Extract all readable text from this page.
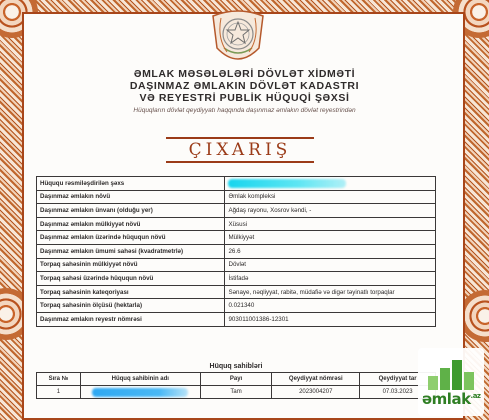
ƏMLAK MƏSƏLƏLƏRİ DÖVLƏT XİDMƏTİ
DAŞINMAZ ƏMLAKIN DÖVLƏT KADASTRI
VƏ REYESTRİ PUBLİK HÜQUQİ ŞƏXSİ
Hüquqların dövlət qeydiyyatı haqqında daşınmaz əmlakın dövlət reyestrindən
ÇIXARIŞ
Hüququ rəsmiləşdirilən şəxs	
Daşınmaz əmlakın növü	Əmlak kompleksi
Daşınmaz əmlakın ünvanı (olduğu yer)	Ağdaş rayonu, Xosrov kəndi, -
Daşınmaz əmlakın mülkiyyət növü	Xüsusi
Daşınmaz əmlakın üzərində hüququn növü	Mülkiyyət
Daşınmaz əmlakın ümumi sahəsi (kvadratmetrlə)	26.6
Torpaq sahəsinin mülkiyyət növü	Dövlət
Torpaq sahəsi üzərində hüququn növü	İstifadə
Torpaq sahəsinin kateqoriyası	Sənaye, nəqliyyat, rabitə, müdafiə və digər təyinatlı torpaqlar
Torpaq sahəsinin ölçüsü (hektarla)	0.021340
Daşınmaz əmlakın reyestr nömrəsi	903011001386-12301
Hüquq sahibləri
Sıra №	Hüquq sahibinin adı	Payı	Qeydiyyat nömrəsi	Qeydiyyat tar
1		Tam	2023004207	07.03.2023 əmlak$^{.az}$
